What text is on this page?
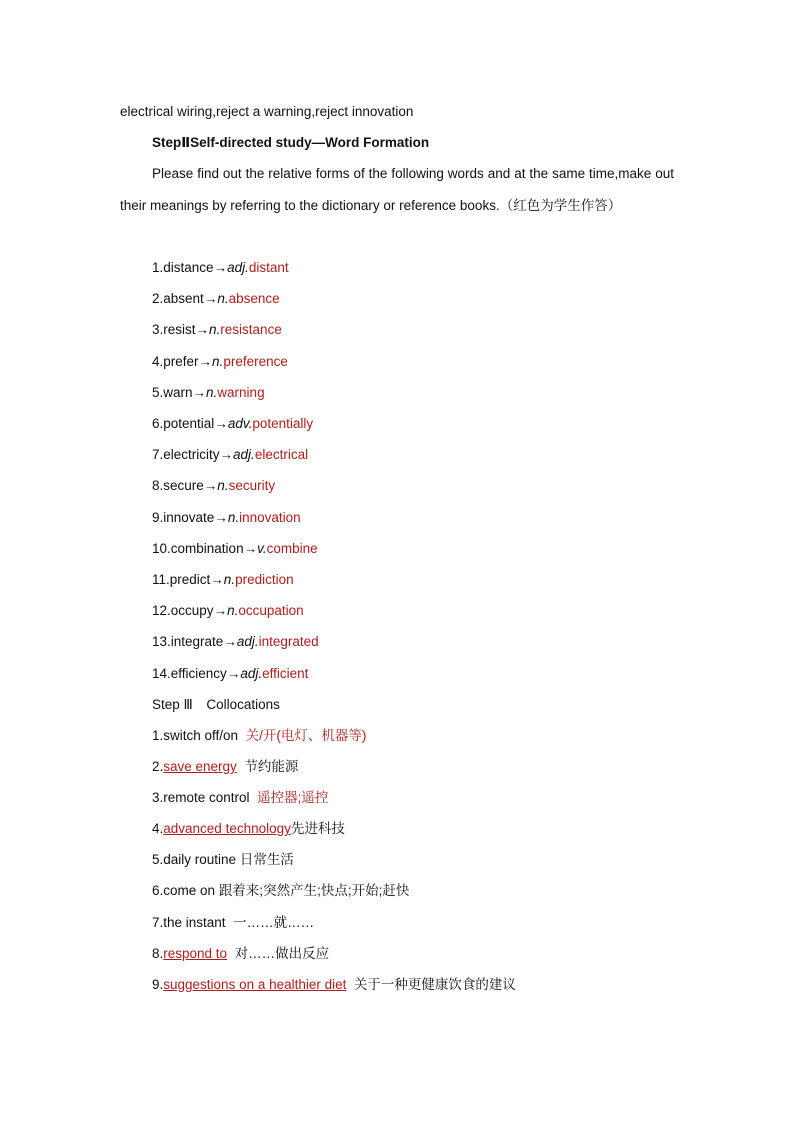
electrical wiring,reject a warning,reject innovation
StepⅡSelf-directed study—Word Formation
Please find out the relative forms of the following words and at the same time,make out their meanings by referring to the dictionary or reference books.（红色为学生作答）
1.distance→adj.distant
2.absent→n.absence
3.resist→n.resistance
4.prefer→n.preference
5.warn→n.warning
6.potential→adv.potentially
7.electricity→adj.electrical
8.secure→n.security
9.innovate→n.innovation
10.combination→v.combine
11.predict→n.prediction
12.occupy→n.occupation
13.integrate→adj.integrated
14.efficiency→adj.efficient
Step Ⅲ　Collocations
1.switch off/on 关/开(电灯、机器等)
2.save energy 节约能源
3.remote control 遥控器;遥控
4.advanced technology先进科技
5.daily routine 日常生活
6.come on 跟着来;突然产生;快点;开始;赶快
7.the instant 一……就……
8.respond to 对……做出反应
9.suggestions on a healthier diet 关于一种更健康饮食的建议
